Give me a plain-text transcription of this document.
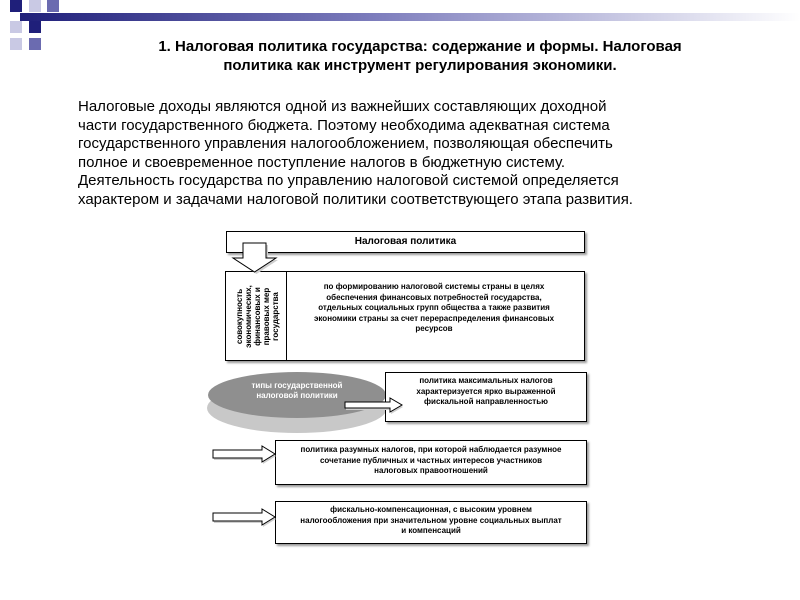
1. Налоговая политика государства: содержание и формы. Налоговая
политика как инструмент регулирования экономики.
Налоговые доходы являются одной из важнейших составляющих доходной
части государственного бюджета. Поэтому необходима адекватная система
государственного управления налогообложением, позволяющая обеспечить
полное и своевременное поступление налогов в бюджетную систему.
Деятельность государства по управлению налоговой системой определяется
характером и задачами налоговой политики соответствующего этапа развития.
Налоговая политика
по формированию налоговой системы страны в целях
обеспечения финансовых потребностей государства,
отдельных социальных групп общества а также развития
экономики страны за счет перераспределения финансовых
ресурсов
совокупность экономических, финансовых и правовых мер государства
типы государственной
налоговой политики
политика максимальных налогов
характеризуется ярко выраженной
фискальной направленностью
политика разумных налогов, при которой наблюдается разумное
сочетание публичных и частных интересов участников
налоговых правоотношений
фискально-компенсационная, с высоким уровнем
налогообложения при значительном уровне социальных выплат
и компенсаций
